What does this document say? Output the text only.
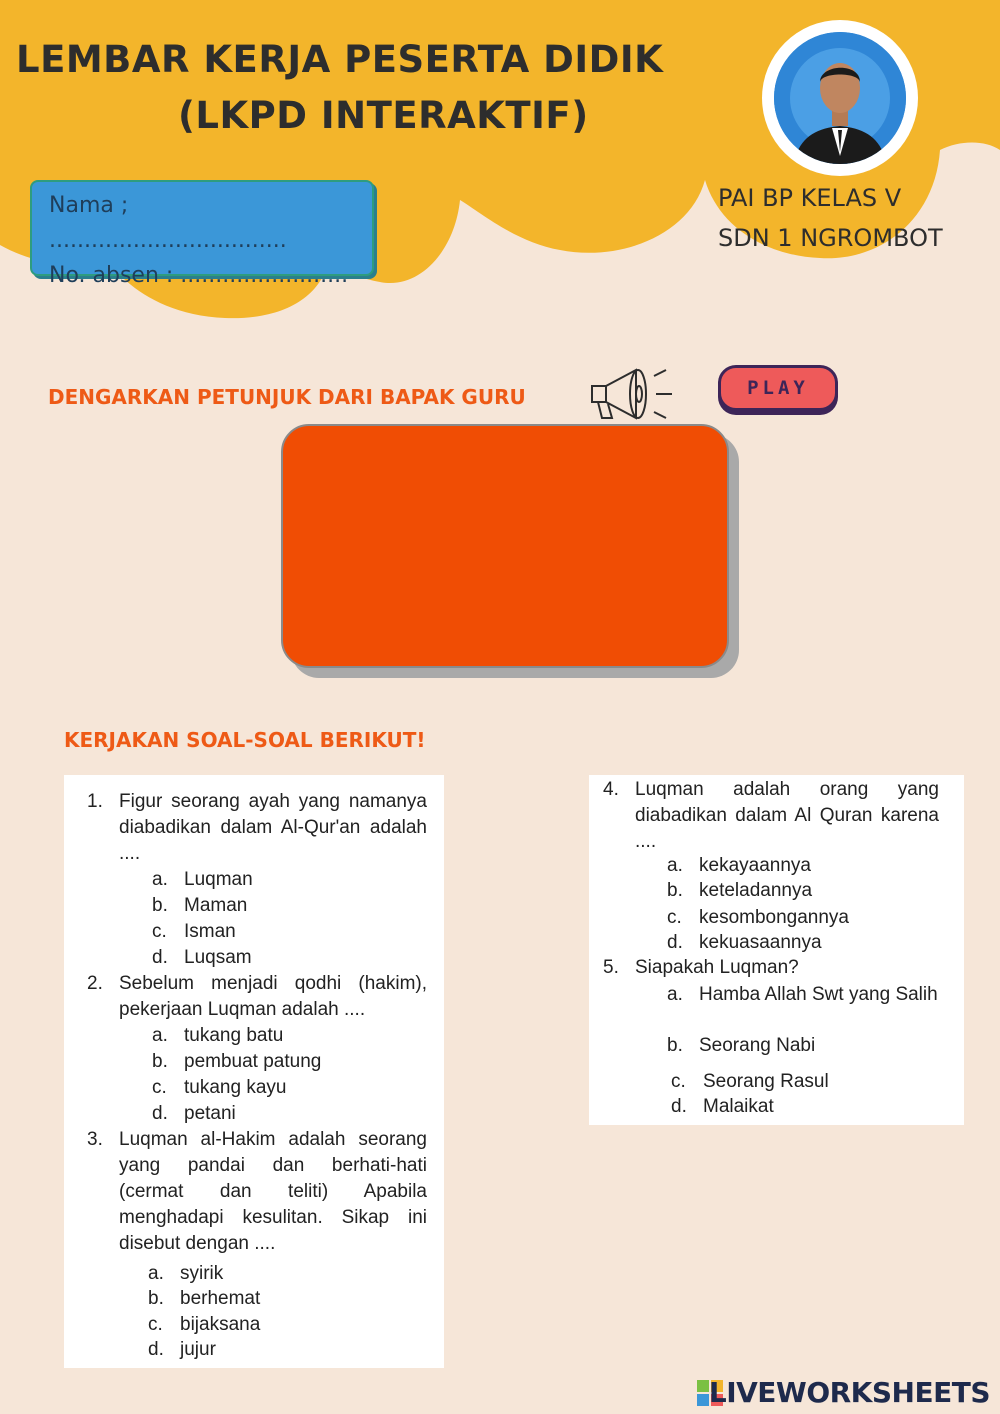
LEMBAR KERJA PESERTA DIDIK
(LKPD INTERAKTIF)
Nama ; ..................................
No. absen : ........................
PAI BP KELAS V
SDN 1 NGROMBOT
DENGARKAN PETUNJUK DARI BAPAK GURU	PLAY
KERJAKAN SOAL-SOAL BERIKUT!
1. Figur seorang ayah yang namanya diabadikan dalam Al-Qur'an adalah ....
a. Luqman
b. Maman
c. Isman
d. Luqsam
2. Sebelum menjadi qodhi (hakim), pekerjaan Luqman adalah ....
a. tukang batu
b. pembuat patung
c. tukang kayu
d. petani
3. Luqman al-Hakim adalah seorang yang pandai dan berhati-hati (cermat dan teliti) Apabila menghadapi kesulitan. Sikap ini disebut dengan ....
a. syirik
b. berhemat
c. bijaksana
d. jujur
4. Luqman adalah orang yang diabadikan dalam Al Quran karena ....
a. kekayaannya
b. keteladannya
c. kesombongannya
d. kekuasaannya
5. Siapakah Luqman?
a. Hamba Allah Swt yang Salih
b. Seorang Nabi
c. Seorang Rasul
d. Malaikat
LIVEWORKSHEETS
